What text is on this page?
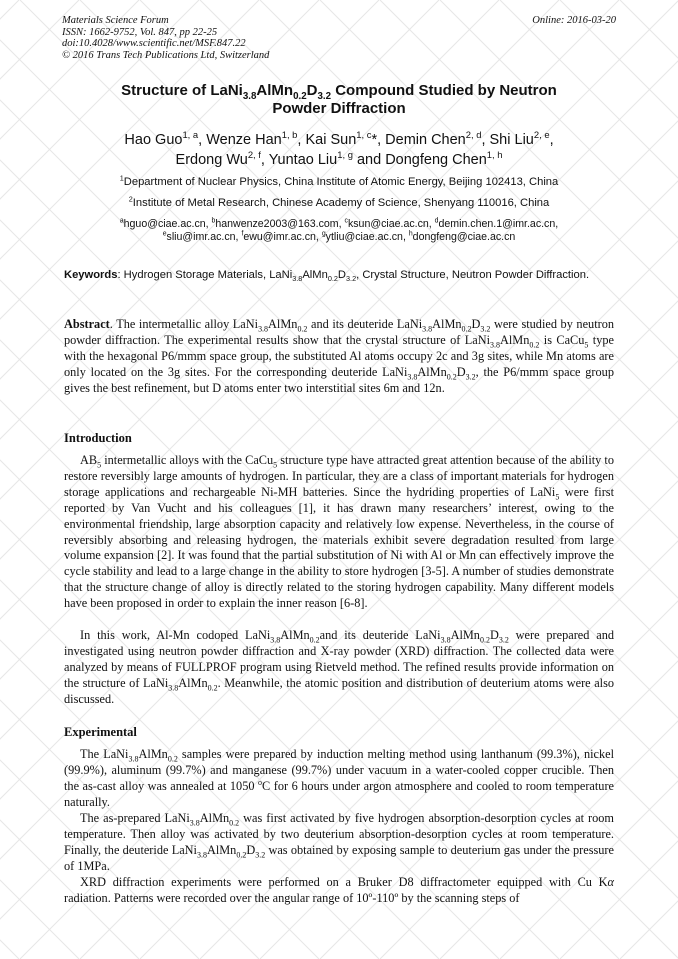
Materials Science Forum
ISSN: 1662-9752, Vol. 847, pp 22-25
doi:10.4028/www.scientific.net/MSF.847.22
© 2016 Trans Tech Publications Ltd, Switzerland
Online: 2016-03-20
Structure of $LaNi_{3.8}AlMn_{0.2}D_{3.2}$ Compound Studied by Neutron
Powder Diffraction
Hao Guo$^{1, a}$, Wenze Han$^{1, b}$, Kai Sun$^{1, c}$*, Demin Chen$^{2, d}$, Shi Liu$^{2, e}$,
Erdong Wu$^{2, f}$, Yuntao Liu$^{1, g}$ and Dongfeng Chen$^{1, h}$
$^1$Department of Nuclear Physics, China Institute of Atomic Energy, Beijing 102413, China
$^2$Institute of Metal Research, Chinese Academy of Science, Shenyang 110016, China
$^a$hguo@ciae.ac.cn, $^b$hanwenze2003@163.com, $^c$ksun@ciae.ac.cn, $^d$demin.chen.1@imr.ac.cn,
$^e$sliu@imr.ac.cn, $^f$ewu@imr.ac.cn, $^g$ytliu@ciae.ac.cn, $^h$dongfeng@ciae.ac.cn
Keywords: Hydrogen Storage Materials, $LaNi_{3.8}AlMn_{0.2}D_{3.2}$, Crystal Structure, Neutron Powder Diffraction.
Abstract. The intermetallic alloy LaNi$_{3.8}$AlMn$_{0.2}$ and its deuteride $LaNi_{3.8}AlMn_{0.2}D_{3.2}$ were studied by neutron powder diffraction. The experimental results show that the crystal structure of LaNi$_{3.8}$AlMn$_{0.2}$ is CaCu$_5$ type with the hexagonal P6/mmm space group, the substituted Al atoms occupy 2c and 3g sites, while Mn atoms are only located on the 3g sites. For the corresponding deuteride $LaNi_{3.8}AlMn_{0.2}D_{3.2}$, the P6/mmm space group gives the best refinement, but D atoms enter two interstitial sites 6m and 12n.
Introduction
$AB_5$ intermetallic alloys with the CaCu$_5$ structure type have attracted great attention because of the ability to restore reversibly large amounts of hydrogen. In particular, they are a class of important materials for hydrogen storage applications and rechargeable Ni-MH batteries. Since the hydriding properties of LaNi$_5$ were first reported by Van Vucht and his colleagues [1], it has drawn many researchers’ interest, owing to the environmental friendship, large absorption capacity and relatively low expense. Nevertheless, in the course of reversibly absorbing and releasing hydrogen, the materials exhibit severe degradation resulted from large volume expansion [2]. It was found that the partial substitution of Ni with Al or Mn can effectively improve the cycle stability and lead to a large change in the ability to store hydrogen [3-5]. A number of studies demonstrate that the structure change of alloy is directly related to the storing hydrogen capability. Many different models have been proposed in order to explain the inner reason [6-8].
In this work, Al-Mn codoped LaNi$_{3.8}$AlMn$_{0.2}$and its deuteride $LaNi_{3.8}AlMn_{0.2}D_{3.2}$ were prepared and investigated using neutron powder diffraction and X-ray powder (XRD) diffraction. The collected data were analyzed by means of FULLPROF program using Rietveld method. The refined results provide information on the structure of LaNi$_{3.8}$AlMn$_{0.2}$. Meanwhile, the atomic position and distribution of deuterium atoms were also discussed.
Experimental
The LaNi$_{3.8}$AlMn$_{0.2}$ samples were prepared by induction melting method using lanthanum (99.3%), nickel (99.9%), aluminum (99.7%) and manganese (99.7%) under vacuum in a water-cooled copper crucible. Then the as-cast alloy was annealed at 1050 $^o$C for 6 hours under argon atmosphere and cooled to room temperature naturally.
The as-prepared LaNi$_{3.8}$AlMn$_{0.2}$ was first activated by five hydrogen absorption-desorption cycles at room temperature. Then alloy was activated by two deuterium absorption-desorption cycles at room temperature. Finally, the deuteride $LaNi_{3.8}AlMn_{0.2}D_{3.2}$ was obtained by exposing sample to deuterium gas under the pressure of 1MPa.
XRD diffraction experiments were performed on a Bruker D8 diffractometer equipped with Cu Kα radiation. Patterns were recorded over the angular range of 10º-110º by the scanning steps of
